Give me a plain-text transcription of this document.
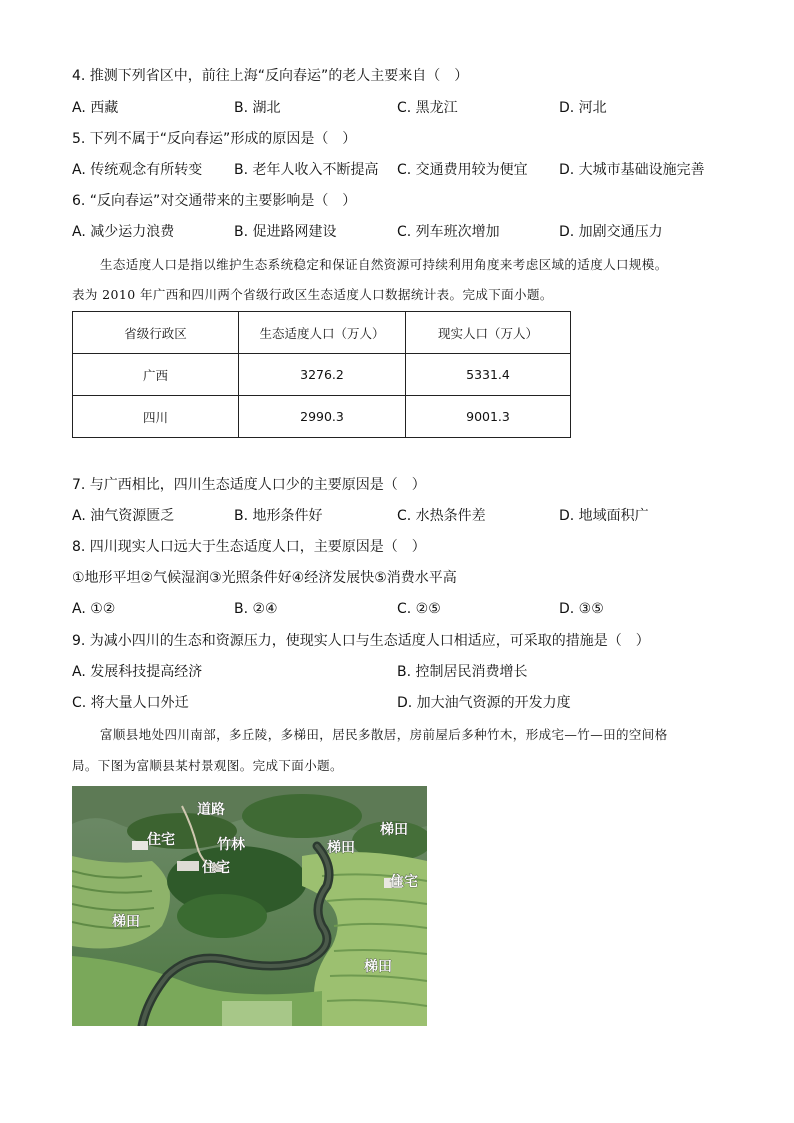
4. 推测下列省区中，前往上海“反向春运”的老人主要来自（　）
A. 西藏	B. 湖北	C. 黑龙江	D. 河北
5. 下列不属于“反向春运”形成的原因是（　）
A. 传统观念有所转变 B. 老年人收入不断提高 C. 交通费用较为便宜 D. 大城市基础设施完善
6. “反向春运”对交通带来的主要影响是（　）
A. 减少运力浪费	B. 促进路网建设	C. 列车班次增加	D. 加剧交通压力
生态适度人口是指以维护生态系统稳定和保证自然资源可持续利用角度来考虑区域的适度人口规模。
表为 2010 年广西和四川两个省级行政区生态适度人口数据统计表。完成下面小题。
省级行政区	生态适度人口（万人）	现实人口（万人）
广西	3276.2	5331.4
四川	2990.3	9001.3
7. 与广西相比，四川生态适度人口少的主要原因是（　）
A. 油气资源匮乏	B. 地形条件好	C. 水热条件差	D. 地域面积广
8. 四川现实人口远大于生态适度人口，主要原因是（　）
①地形平坦②气候湿润③光照条件好④经济发展快⑤消费水平高
A. ①②	B. ②④	C. ②⑤	D. ③⑤
9. 为减小四川的生态和资源压力，使现实人口与生态适度人口相适应，可采取的措施是（　）
A. 发展科技提高经济	B. 控制居民消费增长
C. 将大量人口外迁	D. 加大油气资源的开发力度
富顺县地处四川南部，多丘陵，多梯田，居民多散居，房前屋后多种竹木，形成宅—竹—田的空间格
局。下图为富顺县某村景观图。完成下面小题。
道路
住宅	竹林
住宅
梯田
梯田
住宅
梯田
梯田
